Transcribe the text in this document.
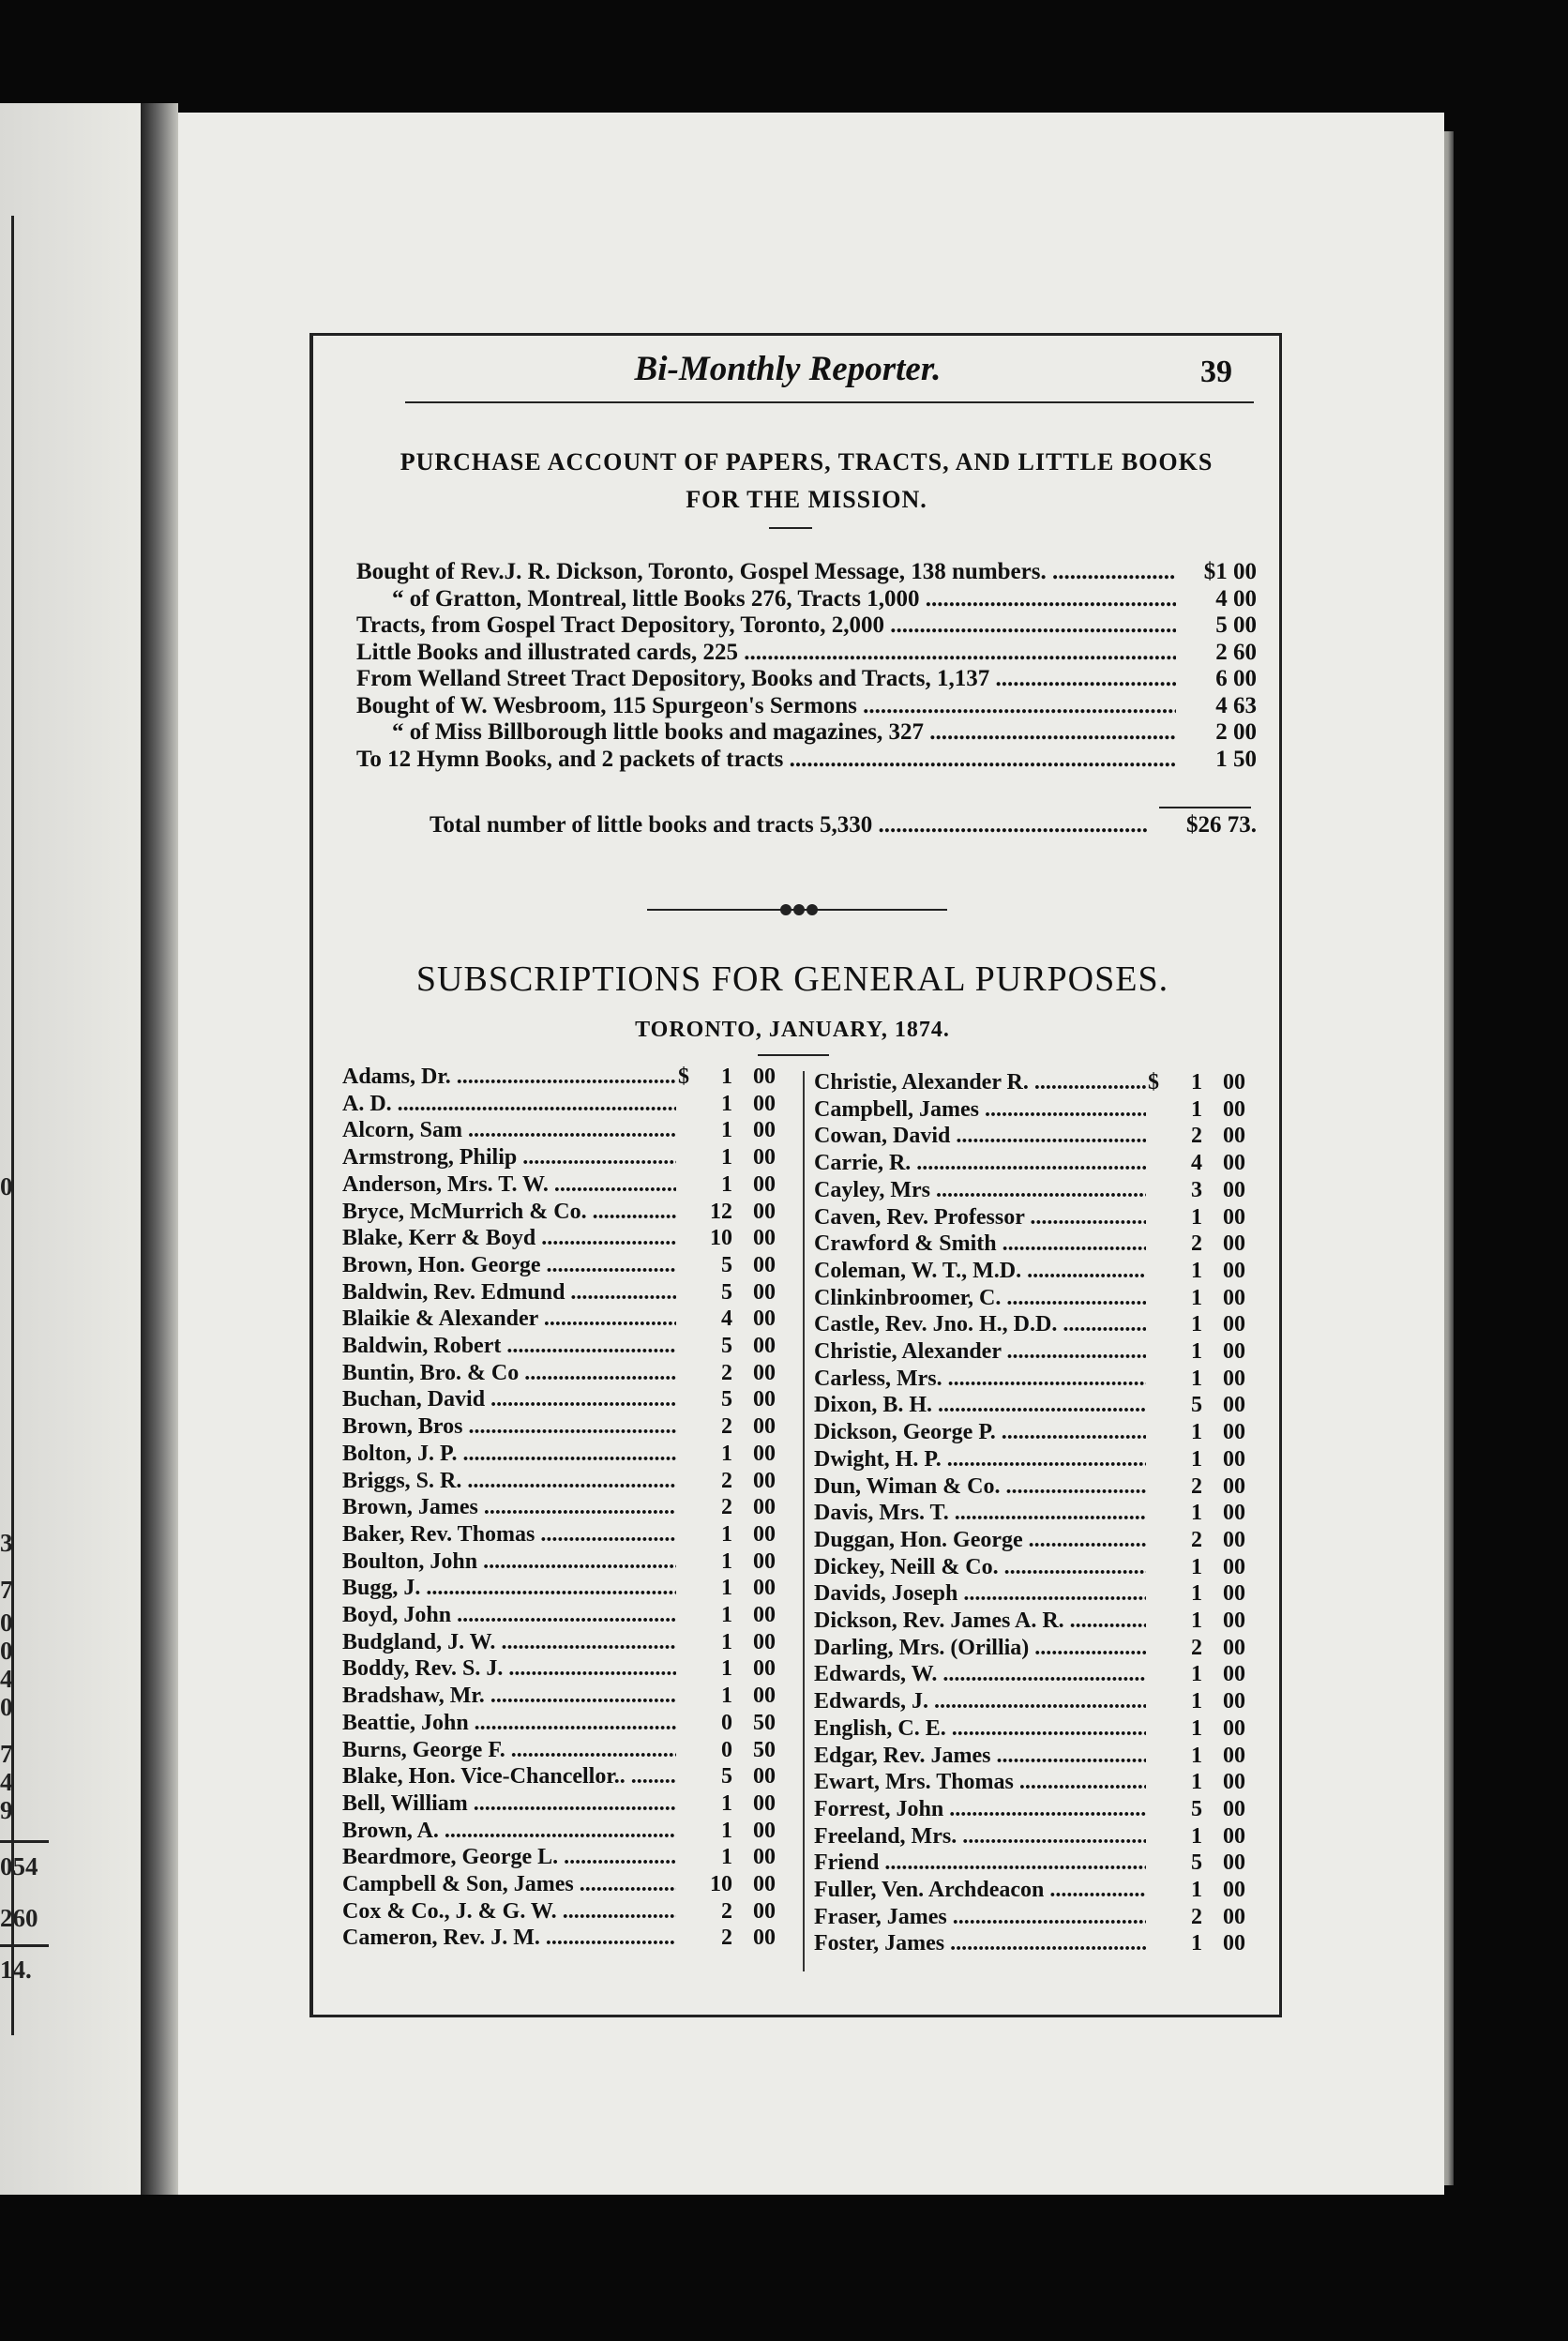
0
3
7
0
0
4
0
7
4
9
054
260
14.
Bi-Monthly Reporter.	39
PURCHASE ACCOUNT OF PAPERS, TRACTS, AND LITTLE BOOKS
FOR THE MISSION.
Bought of Rev.J. R. Dickson, Toronto, Gospel Message, 138 numbers. .....	$1 00
“ of Gratton, Montreal, little Books 276, Tracts 1,000 .....	4 00
Tracts, from Gospel Tract Depository, Toronto, 2,000 .....	5 00
Little Books and illustrated cards, 225 .....	2 60
From Welland Street Tract Depository, Books and Tracts, 1,137 .....	6 00
Bought of W. Wesbroom, 115 Spurgeon's Sermons .....	4 63
“ of Miss Billborough little books and magazines, 327 .....	2 00
To 12 Hymn Books, and 2 packets of tracts .....	1 50
Total number of little books and tracts 5,330 .....	$26 73.
SUBSCRIPTIONS FOR GENERAL PURPOSES.
TORONTO, JANUARY, 1874.
Adams, Dr. .....	$	1 00
A. D. .....	1 00
Alcorn, Sam .....	1 00
Armstrong, Philip .....	1 00
Anderson, Mrs. T. W. .....	1 00
Bryce, McMurrich & Co. .....	12 00
Blake, Kerr & Boyd .....	10 00
Brown, Hon. George .....	5 00
Baldwin, Rev. Edmund .....	5 00
Blaikie & Alexander .....	4 00
Baldwin, Robert .....	5 00
Buntin, Bro. & Co .....	2 00
Buchan, David .....	5 00
Brown, Bros .....	2 00
Bolton, J. P. .....	1 00
Briggs, S. R. .....	2 00
Brown, James .....	2 00
Baker, Rev. Thomas .....	1 00
Boulton, John .....	1 00
Bugg, J. .....	1 00
Boyd, John .....	1 00
Budgland, J. W. .....	1 00
Boddy, Rev. S. J. .....	1 00
Bradshaw, Mr. .....	1 00
Beattie, John .....	0 50
Burns, George F. .....	0 50
Blake, Hon. Vice-Chancellor.. .....	5 00
Bell, William .....	1 00
Brown, A. .....	1 00
Beardmore, George L. .....	1 00
Campbell & Son, James .....	10 00
Cox & Co., J. & G. W. .....	2 00
Cameron, Rev. J. M. .....	2 00
Christie, Alexander R. .....	$	1 00
Campbell, James .....	1 00
Cowan, David .....	2 00
Carrie, R. .....	4 00
Cayley, Mrs .....	3 00
Caven, Rev. Professor .....	1 00
Crawford & Smith .....	2 00
Coleman, W. T., M.D. .....	1 00
Clinkinbroomer, C. .....	1 00
Castle, Rev. Jno. H., D.D. .....	1 00
Christie, Alexander .....	1 00
Carless, Mrs. .....	1 00
Dixon, B. H. .....	5 00
Dickson, George P. .....	1 00
Dwight, H. P. .....	1 00
Dun, Wiman & Co. .....	2 00
Davis, Mrs. T. .....	1 00
Duggan, Hon. George .....	2 00
Dickey, Neill & Co. .....	1 00
Davids, Joseph .....	1 00
Dickson, Rev. James A. R. .....	1 00
Darling, Mrs. (Orillia) .....	2 00
Edwards, W. .....	1 00
Edwards, J. .....	1 00
English, C. E. .....	1 00
Edgar, Rev. James .....	1 00
Ewart, Mrs. Thomas .....	1 00
Forrest, John .....	5 00
Freeland, Mrs. .....	1 00
Friend .....	5 00
Fuller, Ven. Archdeacon .....	1 00
Fraser, James .....	2 00
Foster, James .....	1 00
